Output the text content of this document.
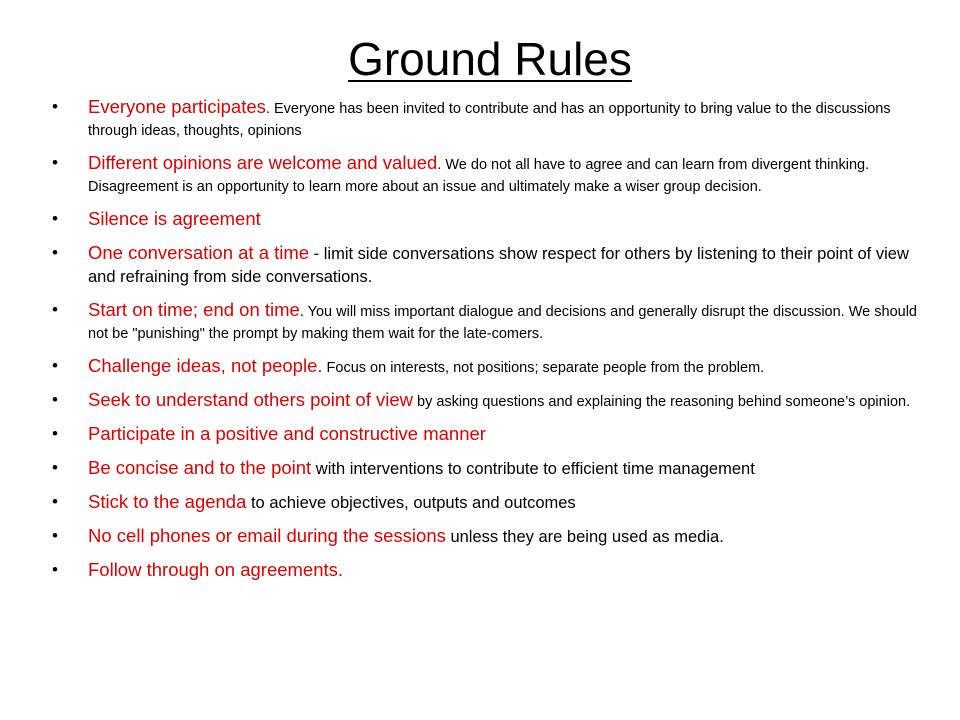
Ground Rules
• Everyone participates. Everyone has been invited to contribute and has an opportunity to bring value to the discussions through ideas, thoughts, opinions
• Different opinions are welcome and valued. We do not all have to agree and can learn from divergent thinking. Disagreement is an opportunity to learn more about an issue and ultimately make a wiser group decision.
• Silence is agreement
• One conversation at a time - limit side conversations show respect for others by listening to their point of view and refraining from side conversations.
• Start on time; end on time. You will miss important dialogue and decisions and generally disrupt the discussion. We should not be "punishing" the prompt by making them wait for the late-comers.
• Challenge ideas, not people. Focus on interests, not positions; separate people from the problem.
• Seek to understand others point of view by asking questions and explaining the reasoning behind someone’s opinion.
• Participate in a positive and constructive manner
• Be concise and to the point with interventions to contribute to efficient time management
• Stick to the agenda to achieve objectives, outputs and outcomes
• No cell phones or email during the sessions unless they are being used as media.
• Follow through on agreements.
